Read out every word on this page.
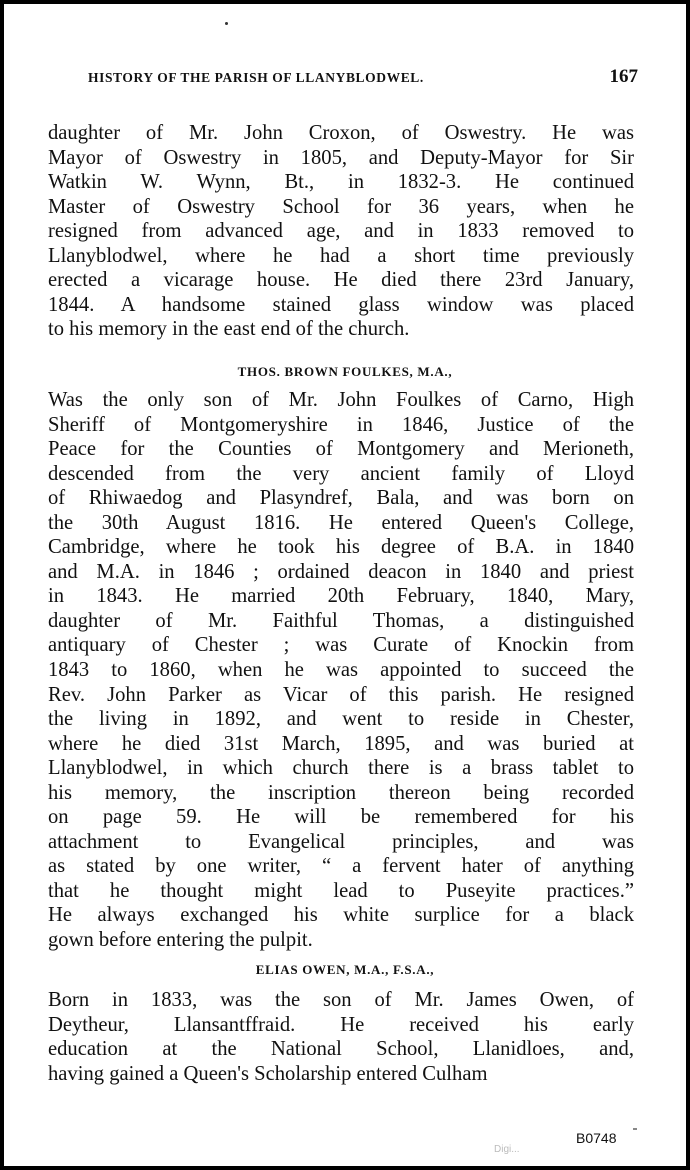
HISTORY OF THE PARISH OF LLANYBLODWEL.	167
daughter of Mr. John Croxon, of Oswestry. He was
Mayor of Oswestry in 1805, and Deputy-Mayor for Sir
Watkin W. Wynn, Bt., in 1832-3. He continued
Master of Oswestry School for 36 years, when he
resigned from advanced age, and in 1833 removed to
Llanyblodwel, where he had a short time previously
erected a vicarage house. He died there 23rd January,
1844. A handsome stained glass window was placed
to his memory in the east end of the church.
THOS. BROWN FOULKES, M.A.,
Was the only son of Mr. John Foulkes of Carno, High
Sheriff of Montgomeryshire in 1846, Justice of the
Peace for the Counties of Montgomery and Merioneth,
descended from the very ancient family of Lloyd
of Rhiwaedog and Plasyndref, Bala, and was born on
the 30th August 1816. He entered Queen's College,
Cambridge, where he took his degree of B.A. in 1840
and M.A. in 1846 ; ordained deacon in 1840 and priest
in 1843. He married 20th February, 1840, Mary,
daughter of Mr. Faithful Thomas, a distinguished
antiquary of Chester ; was Curate of Knockin from
1843 to 1860, when he was appointed to succeed the
Rev. John Parker as Vicar of this parish. He resigned
the living in 1892, and went to reside in Chester,
where he died 31st March, 1895, and was buried at
Llanyblodwel, in which church there is a brass tablet to
his memory, the inscription thereon being recorded
on page 59. He will be remembered for his
attachment to Evangelical principles, and was
as stated by one writer, “ a fervent hater of anything
that he thought might lead to Puseyite practices.”
He always exchanged his white surplice for a black
gown before entering the pulpit.
ELIAS OWEN, M.A., F.S.A.,
Born in 1833, was the son of Mr. James Owen, of
Deytheur, Llansantffraid. He received his early
education at the National School, Llanidloes, and,
having gained a Queen's Scholarship entered Culham
Digi...
B0748
